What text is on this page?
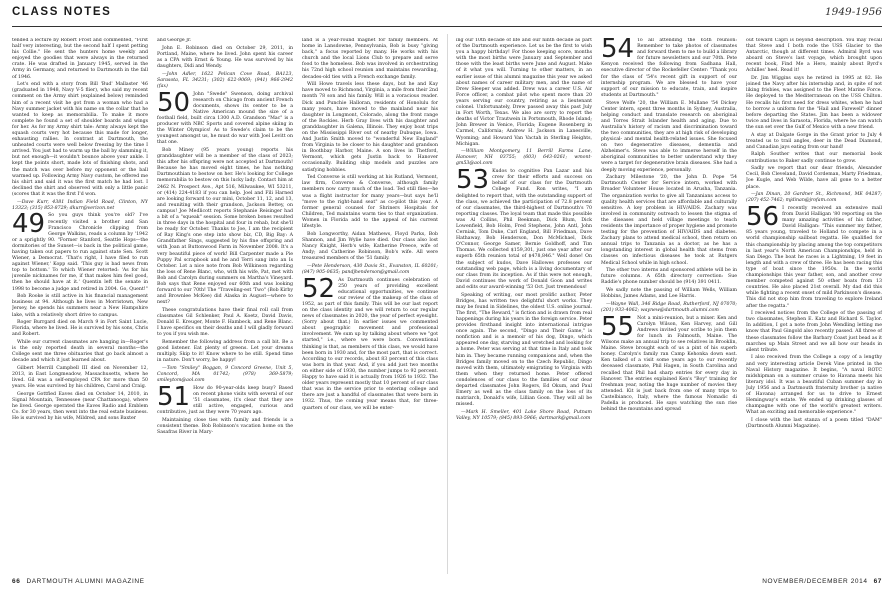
CLASS NOTES	1949-1956

tended a lecture by Robert Frost and commented, "First half very interesting, but the second half I spent petting his Collie." He sent the hunters home weekly and enjoyed the goodies that were always in the returned crate. He was drafted in January 1945, served in the Army in Germany, and returned to Dartmouth in the fall of 1946.

Let's end with a story from Bill 'Bud' Mallaster '46 (graduated in 1948, Navy V-5 flier), who said my recent comment on the Army shirt (explained below) reminded him of a recent visit he got from a woman who had a Navy summer jacket with his name on the collar that he wanted to keep as memorabilia. To make it more complete he found a set of shoulder boards and wings for her. As for my Army shirt tale: Army always kept the squash courts very hot because this made for longer, exhausting rallies. In contrast at Dartmouth, the unheated courts were well below freezing by the time I arrived. You just had to warm up the ball by slamming it, but not enough—it wouldn't bounce above your ankle. I kept the points short, made lots of finishing shots, and the match was over before my opponent or the ball warmed up. Following Army Navy custom, he offered me his shirt and said it was the first match he had lost. I declined the shirt and observed with only a little panic (scores that it was the first I'd won.

—Dave Kurr, 4381 Indian Field Road, Clinton, NY 13323; (315) 853-8729; dkurr@verizon.net

49 So you guys think you're old? I've recently visited a brother and San Francisco Chronicle clipping from George Walkins, reads a column by '1942 or a sprightly 90. "Former Stanford, Seattle Hops—the dormitories of the Sunset—is back in the political game, having taken out papers to run against state Sen. Scott Wiener, a Democrat. 'That's right, I have filed to run against Wiener,' Kopp said. 'This guy is bad news from top to bottom.' To which Wiener retorted: 'As for his juvenile nicknames for me, if that makes him feel good, then he should have at it.' Quentin left the senate in 1998 to become a judge and retired in 2004. Go, Quent!"

Bob Rooke is still active in his financial management business at 94. Although he lives in Morristown, New Jersey, he spends his summers near a New Hampshire lake, with a relatively short drive to campus.

Roger Burrgard died on March 9 in Fort Saint Lucie, Florida, where he lived. He is survived by his sons, Chris and Robert.

While our current classmates are hanging in—Roger's is the only reported death in several months—the College sent me three obituaries that go back almost a decade and which it just learned about.

Gilbert Merrill Campbell III died on November 12, 2013, in East Longmeadow, Massachusetts, where he lived. Gil was a self-employed CPA for more than 50 years. He was survived by his children, Carol and Craig.

George Gottfied Eaves died on October 14, 2010, in Signal Mountain, Tennessee (near Chattanooga), where he lived. George operated the Eaves Radio and Emblem Co. for 30 years, then went into the real estate business. He is survived by his wife, Mildred, and sons Baxter

and George Jr.

John E. Robinson died on October 29, 2011, in Portland, Maine, where he lived. John spent his career as a CPA with Ernst & Young. He was survived by his daughters, Didi and Wendy.

—John Adler, 1622 Pelican Cove Road, BA123, Sarasota, FL 34231; (302) 622-9069; (941) 966-2942 (fax)

50 John "Swede" Swenson, doing archival research on Chicago from ancient French documents, shows its center to be a Native American mound the size of a football field, built circa 1300 A.D. Grandson "Mac" is a producer with NBC Sports and covered alpine skiing in the Winter Olympics! As to Swede's claim to be the youngest amongst us, he must do war with Joel Levitt on that one.

Bob Miney (95 years young) reports his granddaughter will be a member of the class of 2023; this after his offspring were not accepted at Dartmouth! Because he has moved eight times, he has nothing Dartmouthian to bestow on her. He's looking for College memorabilia to bestow on this lucky lady. Contact him at 2462 N. Prospect Ave., Apt 516, Milwaukee, WI 53211, or (414) 224-4183 if you can help. Joel and Fili Harned are looking forward to our mini, October 11, 12, and 13, and reuniting with their grandson, Jackson Bettey, on campus! Joe Medlicott reports Stephanie Reisinger had a bit of a "squeak" session. Some broken bones resulted in three days in the hospital and four in rehab, but she'll be ready for October. Thanks to Joe, I am the recipient of Ray King's one step into show biz, CD, Big Bay: A Grandfather Sings, suggested by his fine offspring and with Joan at Buttonwood Farm in November 2008. It's a very beautiful piece of work! Bill Carpenter made a Pie Puppy Pal scrapbook and he and Terri sang into an Is October. Lot a nice note from Bob Wilkinson regarding the loss of Rene Blanc, who, with his wife, Pat, met with Bob and Carolyn during summers on Martha's Vineyard. Bob says that Rene enjoyed our 60th and was looking forward to our 70th! The "Traveling-est 'Two" (Bob Kirby and Brownlee McKee) did Alaska in August—where to next?

These congratulations have their final roll call from classmates Gil Schlenker, Paul A. Koetz, David Davis, Donald E. Kreuger, Monte F. Hambeck, and Rene Blanc. I have specifics on their deaths and I will gladly forward to you if you wish me.

Remember the following address from a call bit. Be a good listener. Eat plenty of greens. Let your dreams multiply. Skip to it! Know where to be still. Spend time in nature. Don't worry, be happy!

—Tom "Smiley" Boggan, 9 Concord Greene, Unit 5, Concord, MA 01742; (978) 369-5879; smileytom@aol.com

51 How do 90-year-olds keep busy? Based on recent phone visits with several of our '51 classmates, it's clear that they are still active, engaged, curious and contributive, just as they were 70 years ago.

Maintaining close ties with family and friends is a consistent theme. Bob Robinson's vacation home on the Sasafras River in Mary-

land is a year-round magnet for family members. At home in Lansdowne, Pennsylvania, Bob is busy "giving back," a focus reported by many. He works with his church and the local Lions Club to prepare and serve food to the homeless. Bob was involved in orchestrating his 72nd high school reunion and maintains rewarding, decades-old ties with a French exchange family.

Will Howe travels less these days, but he and Kay have moved to Richmond, Virginia, a mile from their 2nd month 78 son and his family. Will is a voracious reader. Dick and Punchie Halloran, residents of Honolulu for many years, have moved to the mainland near his daughter in Longmont, Colorado, along the front range of the Rockies. Herb Gray lives with his daughter and granddaughter in Galena, Illinois. They enjoy boat trips on the Mississippi River out of nearby Dubuque, Iowa. And Justin Smith moved to "wonderful New England" from Virginia to be closer to his daughter and grandson in Boothbay Harbor, Maine. A son lives in Thetford, Vermont, which gets Justin back to Hanover occasionally. Building ship models and puzzles are satisfying hobbies.

Ted Converse is still working at his Rutland, Vermont, law firm, Converse & Converse, although family members now carry much of the load. Ted still flies—he was a flight instructor for many years—but says he'll "move to the right-hand seat" as co-pilot this year. A former general counsel for Shriners Hospitals for Children, Ted maintains warm ties to that organization. Women in Florida add to the appeal of his current lifestyle.

Bob Longworthy, Aidan Mathews, Floyd Parks, Bob Shannon, and Jim Wylie have died. Our class also lost Nancy Knight, Herb's wife; Katherine Preece, wife of Andy; and Catherine Robinson, Bob's wife. All were treasured members of the '51 family.

—Pete Henderson, 430 Davis St., Evanston, IL 60201; (847) 905-0635; pandjhenderson@gmail.com

52 As Dartmouth continues celebration of 250 years of providing excellent educational opportunities, we continue our review of the makeup of the class of 1952, as part of this family. This will be our last report on the class identity and we will return to our regular news of classmates in 2020, the year of perfect eyesight. (Sorry about that.) In earlier issues we commented about geographic movement and professional involvement. We sum up by talking about where we "got started," i.e., where we were born. Conventional thinking is that, as members of this class, we would have been born in 1930 and, for the most part, that is correct. According to our records, about 83 percent of this class was born in that year. And, if you add just two months on either side of 1930, the number jumps to 92 percent. Happy to have said it is actually from 1926 to 1932. The older years represent mostly that 10 percent of our class that was in the service prior to entering college and there are just a handful of classmates that were born in 1932. Thus, the coming year means that, for three-quarters of our class, we will be enter-

ing our 10th decade of life and our ninth decade as part of the Dartmouth experience. Let us be the first to wish you a happy birthday! For those keeping score, months with the most births were January and September and those with the least births were June and August. Make of it what you will. Turning to other matters, in an earlier issue of this alumni magazine this year we asked about names of career military men, and the name of Drew Sleeper was added. Drew was a career U.S. Air Force officer, a combat pilot who spent more than 20 years serving our country, retiring as a lieutenant colonel. Unfortunately, Drew passed away this past July in Fort Worth, Texas. We also are sorry to report the deaths of Victor Trautwein in Portsmouth, Rhode Island; John Brewer in Venice, Florida; Eugene Rosenberg in Carmel, California; Andrew H. Jackson in Lanesville, Wyoming; and Howard Van Vactah in Sterling Heights, Michigan.

—William Montgomery, 11 Berrill Farms Lane, Hanover, NH 03755; (603) 643-0261; wmont-gm53@aol.com

53 Kudos to cognitive Pan Lazar and his crew for their efforts and success on behalf of our class for the Dartmouth College Fund. Ron writes, "I am delighted to report that, with the outstanding support of the class, we achieved the participation of 72.8 percent of our classmates, the third-highest of Dartmouth's 70 reporting classes. The loyal team that made this possible was Al Collins, Phil Beekman, Dick Blum, Dick Lowenfield, Bob Holm, Fred Stephens, John Antl, John Cerniak, Tom Duke, Carl England, Bill Friedman, Dave Hathaway, Bob Henderson, Don McMichael, Dick O'Connor, George Samer, Bernie Goldhoff, and Tim Thomas. We collected $159,301, just one year after our superb 65th reunion total of $478,846." Well done! On the subject of kudos, Dave Hallowes professes our outstanding web page, which is a living documentary of our class from its inception. As if this were not enough, David continues the work of Donald Goon and writes and edits our award-winning '53 Oct. Just tremendous!

Speaking of writing, our most prolific author, Peter Bridges, has written two delightful short works. They may be found in Sidelines, the oldest U.S. online journal. The first, "The Reward," is fiction and is drawn from real happenings during his years in the foreign service. Peter provides firsthand insight into international intrigue once again. The second, "Dingo and Their Game," is nonfiction and is a memoir of his dog, Dingo, which appeared one day, starving and wretched and looking for a home. Peter was serving at that time in Italy and took him in. They became running companions and, when the Bridges family moved on to the Czech Republic, Dingo moved with them, ultimately emigrating to Virginia with them when they returned home. Peter offered condolences of our class to the families of our dear departed classmates John Rogers, Ed Okum, and Paul Emery as well as the class family on the loss of its matriarch, Donald's wife, Lillian Goon. They will all be missed.

—Mark H. Smeller, 401 Lake Shore Road, Putnam Valley, NY 10579; (845) 893-5966; dartmark@gmail.com

54 To all attending the 65th reunion: Remember to take photos of classmates and forward them to me to build a library for future newsletters and our 70th. Pete Kenyon received the following from Sadhana Hall, executive director of the Rockefeller Center: "Thank you for the class of '54's recent gift in support of our internship program. We are blessed to have your support of our mission to educate, train, and inspire students at Dartmouth."

Steve Wolfe '20, the William E. Mullane '54 Dickey Center intern, spent three months in Sydney, Australia, helping conduct and translate research on aboriginal and Torres Strait Islander health and aging. Due to Australia's history of racism and discrimination toward the two communities, they are at high risk of developing physical- and mental health-related issues. She focused on two degenerative diseases, dementia and Alzheimer's. Steve was able to immerse herself in the aboriginal communities to better understand why they were a target for degenerative brain diseases. She had a deeply moving experience, personally.

Zachary Milestone '20, the John D. Pope '54 Dartmouth Center for Service intern, worked with Broader Volunteer House located in Arusha, Tanzania. The organization works to give all Tanzanians access to quality health services that are affordable and culturally sensitive. A key problem is HIV/AIDS. Zachary was involved in community outreach to lessen the stigma of the diseases and held village meetings to teach residents the importance of proper hygiene and promote testing for the prevention of HIV/AIDS and diabetes. Zachary plans to attend medical school, then return on annual trips to Tanzania as a doctor, as he has a longstanding interest in global health that stems from classes on infectious diseases he took at Rutgers Medical School while in high school.

The other two interns and sponsored athlete will be in future columns. A 65th directory correction: Sue Raddie's phone number should be (914) 391 0411.

We sadly note the passing of William Wells, William Hobbins, James Adams, and Lee Harris.

—Wayne Wall, 346 Ridge Road, Rutherford, NJ 07070; (201) 933-4062; waynew@dartmouth.alumni.com

55 Not a mini-reunion, but a mixer. Ken and Carolyn Wilson, Ken Harvey, and Gill Andrews invited your scribe to join them for lunch in Falmouth, Maine. The Wilsons make an annual trip to see relatives in Brooklin, Maine. Steve brought each of us a pint of his superb honey. Carolyn's family ran Camp Kehonka down east. Ken talked of a visit some years ago to our recently deceased classmate, Phil Hagen, in South Carolina and recalled that Phil had sharp entries for every day in Hanover. The entries explained Ken's "Boy" training for freshman year, noting the huge number of movies they attended. Kit is just back from one of many trips to Castelbianco, Italy, where the famous Nomadic di Padella is produced. He says watching the sun rise behind the mountains and spread

out toward Capri is beyond description. You may recall that Steve and I both rode the USS Glacier to the Antarctic, though at different times. Admiral Byrd was aboard on Steve's last voyage, which brought upon recent book, Find Me a Hero, mainly about Byrd's Achilles' heel. Read it!

Dr. Jim Wiggins says he retired in 1995 at 82. He joined the Navy after his internship and, in spite of not liking frisbies, was assigned to the Fleet Marine Force. He deployed to the Mediterranean on the USS Chilton. He recalls his first need for dress whites, when he had to borrow a uniform for the "Hail and Farewell" dinner before departing the States. Jim has been a widower twice and lives in Sarasota, Florida, where he can watch the sun set over the Gulf of Mexico with a new friend.

A stay at Dalgate Gorge in the Grant prior to July 4 treated us to trail angles, deer in the Dead Diamond, and Canadian jays eating from our hand!

Ralph Souther writes that our memorial book contributions to Baker sadly continue to grow.

Sadly we report that our dear friends, Alexander Cecil, Bob Cleveland, David Cordeman, Marty Friedman, Joe Kugle, and Web Wilde, have all gone to a better place.

—Jan Dinan, 20 Gardner St., Richmond, ME 04287; (207) 452-7462; mjdinan@jrofam.com

56 I recently received an extensive mail from David Halligan '80 reporting on the many amazing activities of his father, David Halligan: "This summer my father, 85 years young, traveled to Holland to compete in a world championship sailboat regatta. He qualified for this championship by placing among the top competitors in last year's North American Championships, held in San Diego. The boat he races is a Lightning, 19 feet in length and with a crew of three. He has been racing this type of boat since the 1950s. In the world championships this year father, son, and another crew member competed against 50 other boats from 13 countries. He also placed 21st overall. My dad did this while fighting a recent onset of mild Parkinson's disease. This did not stop him from traveling to explore Ireland after the regatta."

I received notices from the College of the passing of two classmates, Stephen E. Katz and Richard S. Taylor. In addition, I got a note from John Wendling letting me know that Paul Gingold also recently passed. All three of these classmates follow the Barbary Coast just bead as it marches up Main Street and we all bow our heads in silent tribute.

I also received from the College a copy of a lengthy and very interesting article Derek Vine printed in the Naval History magazine. It begins, "A naval ROTC midshipman on a summer cruise to Havana meets his literary idol. It was a beautiful Cuban summer day in July 1956 and a Dartmouth fraternity brother (a native of Havana) arranged for us to drive to Ernest Hemingway's estate. We ended up drinking glasses of champagne with one of the world's greatest writers. What an exciting and memorable experience."

I close with the last stanza of a poem titled "DAM" (Dartmouth Alumni Magazine).

66 DARTMOUTH ALUMNI MAGAZINE	NOVEMBER/DECEMBER 2014 67
